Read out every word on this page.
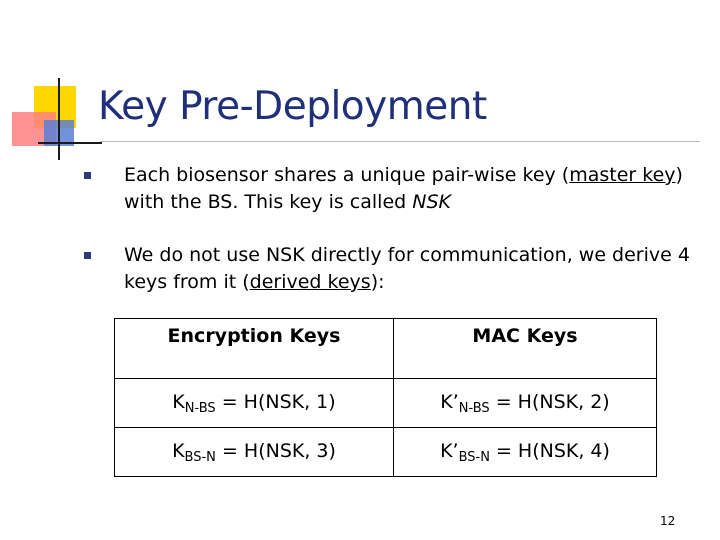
Key Pre-Deployment
Each biosensor shares a unique pair-wise key (master key) with the BS. This key is called NSK
We do not use NSK directly for communication, we derive 4 keys from it (derived keys):
Encryption Keys	MAC Keys
$K_{N-BS} = H(NSK$, 1)	$K’_{N-BS} = H(NSK$, 2)
$K_{BS-N} = H(NSK$, 3)	$K’_{BS-N} = H(NSK$, 4)
12
